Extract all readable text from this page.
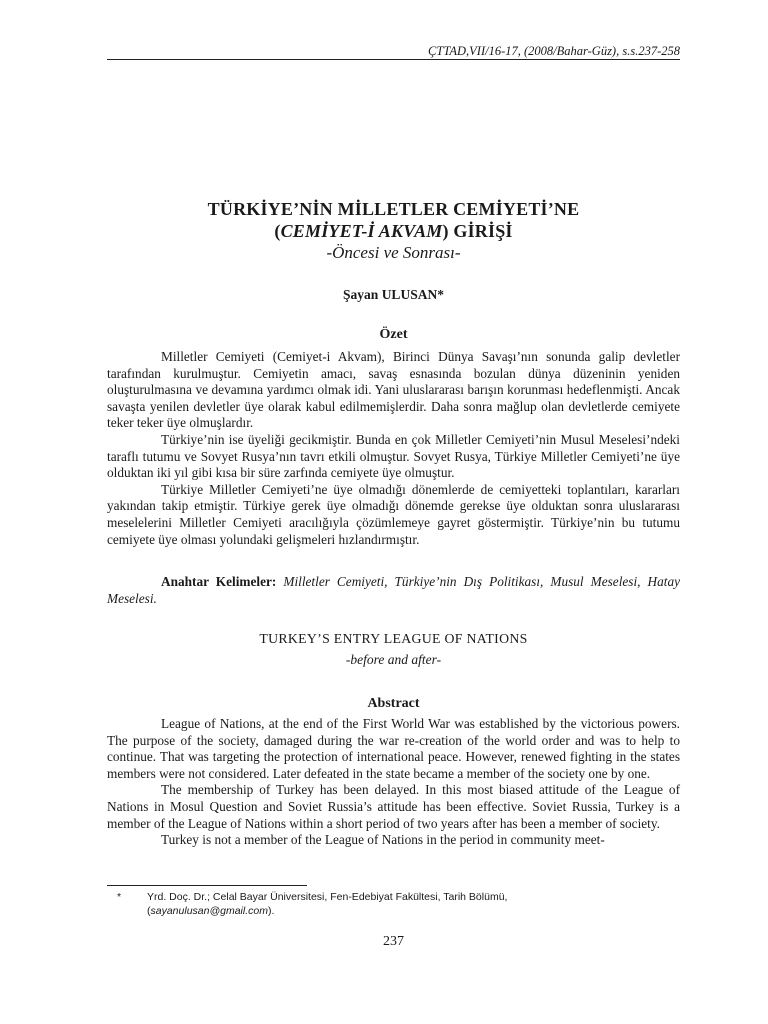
ÇTTAD,VII/16-17, (2008/Bahar-Güz), s.s.237-258
TÜRKİYE’NİN MİLLETLER CEMİYETİ’NE
(CEMİYET-İ AKVAM) GİRİŞİ
-Öncesi ve Sonrası-
Şayan ULUSAN*
Özet

Milletler Cemiyeti (Cemiyet-i Akvam), Birinci Dünya Savaşı’nın sonunda galip devletler tarafından kurulmuştur. Cemiyetin amacı, savaş esnasında bozulan dünya düzeninin yeniden oluşturulmasına ve devamına yardımcı olmak idi. Yani uluslararası barışın korunması hedeflenmişti. Ancak savaşta yenilen devletler üye olarak kabul edilmemişlerdir. Daha sonra mağlup olan devletlerde cemiyete teker teker üye olmuşlardır.

Türkiye’nin ise üyeliği gecikmiştir. Bunda en çok Milletler Cemiyeti’nin Musul Meselesi’ndeki taraflı tutumu ve Sovyet Rusya’nın tavrı etkili olmuştur. Sovyet Rusya, Türkiye Milletler Cemiyeti’ne üye olduktan iki yıl gibi kısa bir süre zarfında cemiyete üye olmuştur.

Türkiye Milletler Cemiyeti’ne üye olmadığı dönemlerde de cemiyetteki toplantıları, kararları yakından takip etmiştir. Türkiye gerek üye olmadığı dönemde gerekse üye olduktan sonra uluslararası meselelerini Milletler Cemiyeti aracılığıyla çözümlemeye gayret göstermiştir. Türkiye’nin bu tutumu cemiyete üye olması yolundaki gelişmeleri hızlandırmıştır.

Anahtar Kelimeler: Milletler Cemiyeti, Türkiye’nin Dış Politikası, Musul Meselesi, Hatay Meselesi.
TURKEY’S ENTRY LEAGUE OF NATIONS
-before and after-
Abstract

League of Nations, at the end of the First World War was established by the victorious powers. The purpose of the society, damaged during the war re-creation of the world order and was to help to continue. That was targeting the protection of international peace. However, renewed fighting in the states members were not considered. Later defeated in the state became a member of the society one by one.

The membership of Turkey has been delayed. In this most biased attitude of the League of Nations in Mosul Question and Soviet Russia’s attitude has been effective. Soviet Russia, Turkey is a member of the League of Nations within a short period of two years after has been a member of society.

Turkey is not a member of the League of Nations in the period in community meet-

* Yrd. Doç. Dr.; Celal Bayar Üniversitesi, Fen-Edebiyat Fakültesi, Tarih Bölümü,
(sayanulusan@gmail.com).
237
